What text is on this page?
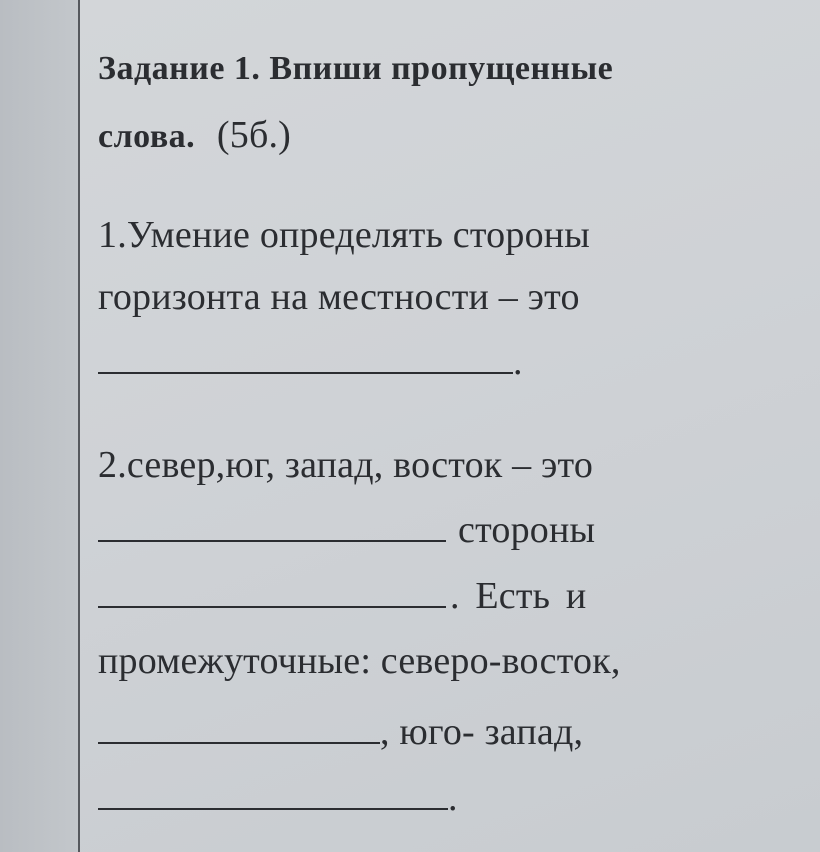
Задание 1. Впиши пропущенные
слова. (5б.)
1.Умение определять стороны
горизонта на местности – это
.
2.север,юг, запад, восток – это
стороны
. Есть и
промежуточные: северо-восток,
, юго- запад,
.
